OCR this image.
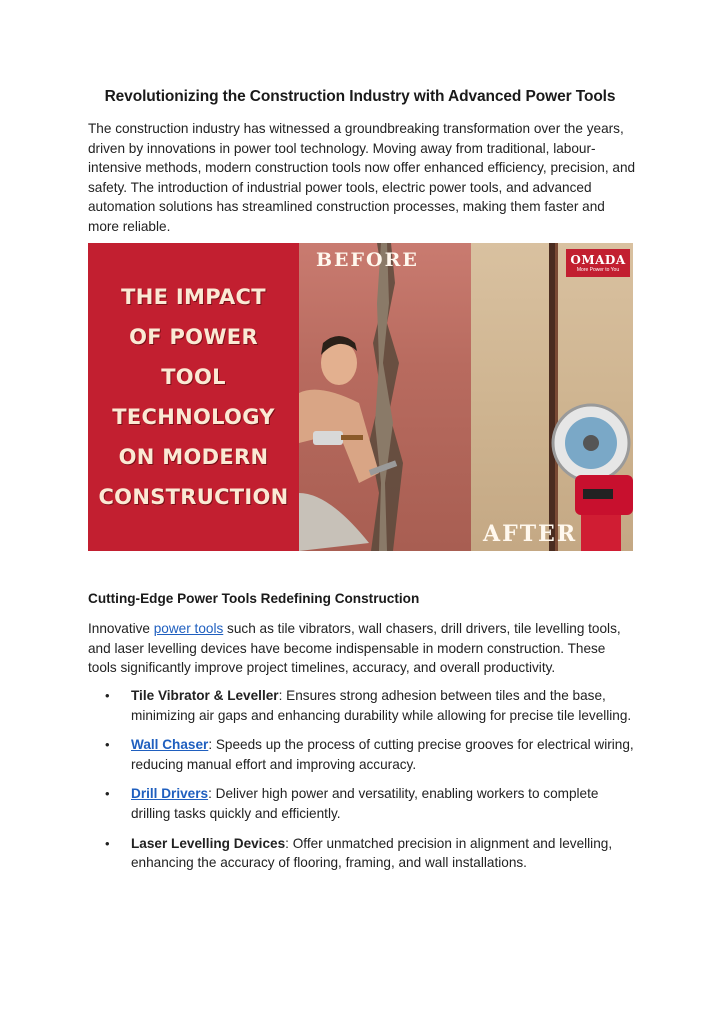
Revolutionizing the Construction Industry with Advanced Power Tools
The construction industry has witnessed a groundbreaking transformation over the years, driven by innovations in power tool technology. Moving away from traditional, labour-intensive methods, modern construction tools now offer enhanced efficiency, precision, and safety. The introduction of industrial power tools, electric power tools, and advanced automation solutions has streamlined construction processes, making them faster and more reliable.
THE IMPACT
OF POWER
TOOL
TECHNOLOGY
ON MODERN
CONSTRUCTION
BEFORE
AFTER
OMADA
More Power to You
Cutting-Edge Power Tools Redefining Construction
Innovative power tools such as tile vibrators, wall chasers, drill drivers, tile levelling tools, and laser levelling devices have become indispensable in modern construction. These tools significantly improve project timelines, accuracy, and overall productivity.
• Tile Vibrator & Leveller: Ensures strong adhesion between tiles and the base, minimizing air gaps and enhancing durability while allowing for precise tile levelling.
• Wall Chaser: Speeds up the process of cutting precise grooves for electrical wiring, reducing manual effort and improving accuracy.
• Drill Drivers: Deliver high power and versatility, enabling workers to complete drilling tasks quickly and efficiently.
• Laser Levelling Devices: Offer unmatched precision in alignment and levelling, enhancing the accuracy of flooring, framing, and wall installations.
